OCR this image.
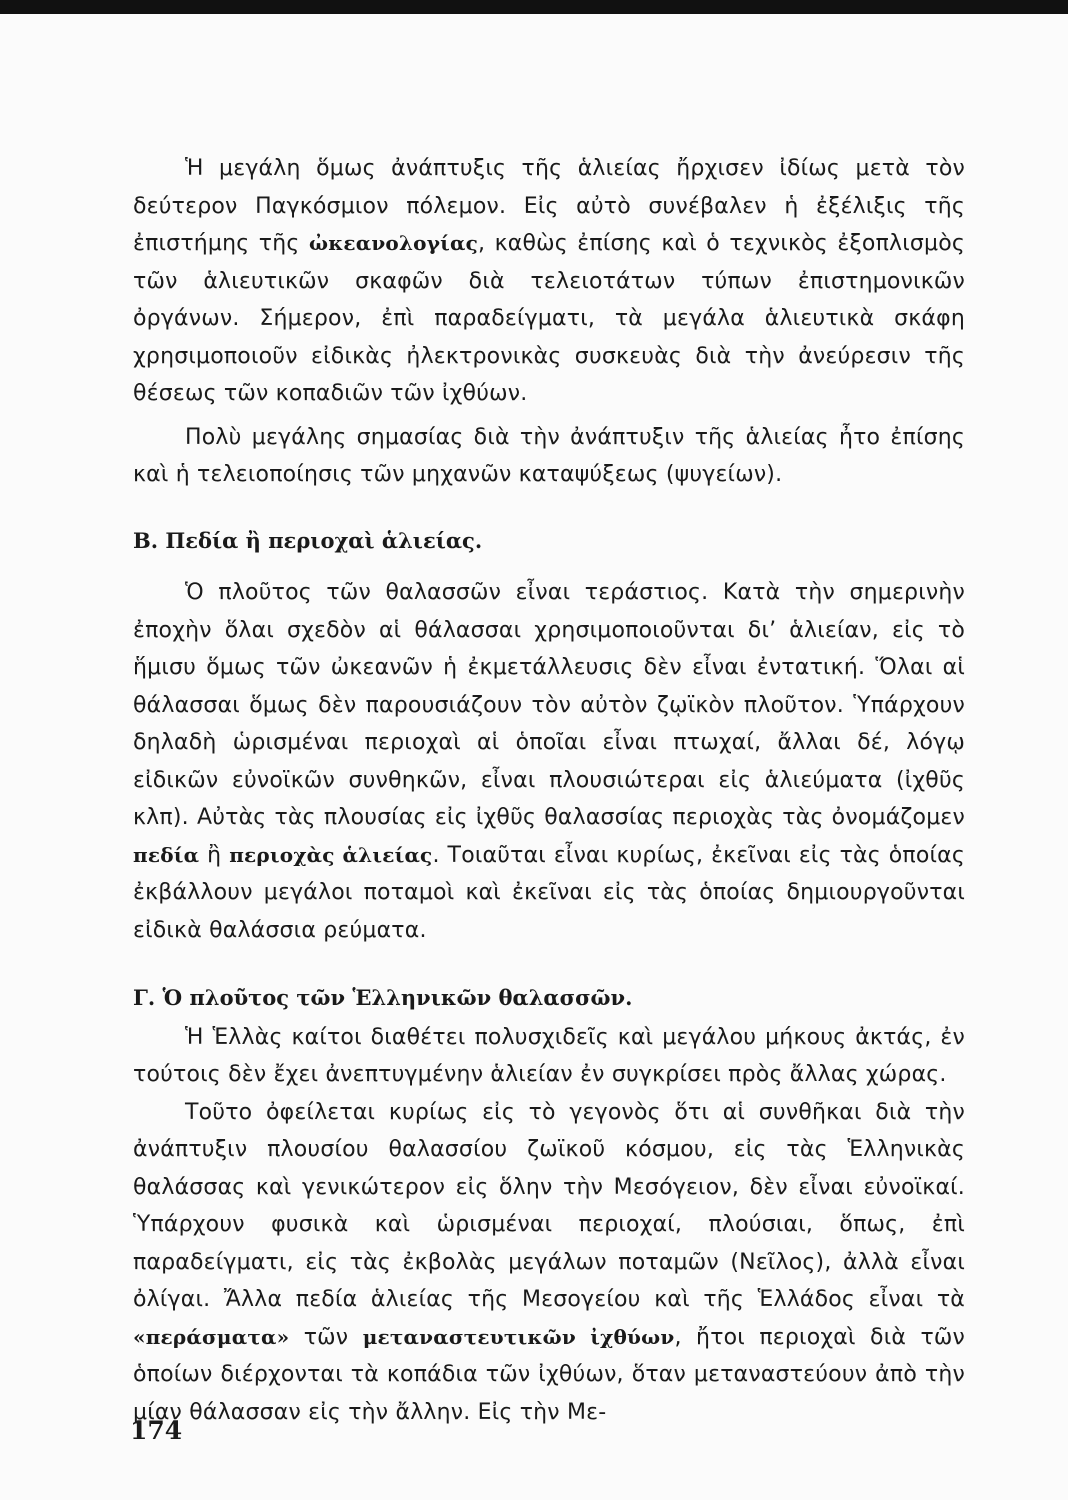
Ἡ μεγάλη ὅμως ἀνάπτυξις τῆς ἁλιείας ἤρχισεν ἰδίως μετὰ τὸν δεύτερον Παγκόσμιον πόλεμον. Εἰς αὐτὸ συνέβαλεν ἡ ἐξέλιξις τῆς ἐπιστήμης τῆς ὠκεανολογίας, καθὼς ἐπίσης καὶ ὁ τεχνικὸς ἐξοπλισμὸς τῶν ἁλιευτικῶν σκαφῶν διὰ τελειοτάτων τύπων ἐπιστημονικῶν ὀργάνων. Σήμερον, ἐπὶ παραδείγματι, τὰ μεγάλα ἁλιευτικὰ σκάφη χρησιμοποιοῦν εἰδικὰς ἠλεκτρονικὰς συσκευὰς διὰ τὴν ἀνεύρεσιν τῆς θέσεως τῶν κοπαδιῶν τῶν ἰχθύων.

Πολὺ μεγάλης σημασίας διὰ τὴν ἀνάπτυξιν τῆς ἁλιείας ἦτο ἐπίσης καὶ ἡ τελειοποίησις τῶν μηχανῶν καταψύξεως (ψυγείων).

Β. Πεδία ἢ περιοχαὶ ἁλιείας.

Ὁ πλοῦτος τῶν θαλασσῶν εἶναι τεράστιος. Κατὰ τὴν σημερινὴν ἐποχὴν ὅλαι σχεδὸν αἱ θάλασσαι χρησιμοποιοῦνται δι’ ἁλιείαν, εἰς τὸ ἥμισυ ὅμως τῶν ὠκεανῶν ἡ ἐκμετάλλευσις δὲν εἶναι ἐντατική. Ὅλαι αἱ θάλασσαι ὅμως δὲν παρουσιάζουν τὸν αὐτὸν ζῳϊκὸν πλοῦτον. Ὑπάρχουν δηλαδὴ ὡρισμέναι περιοχαὶ αἱ ὁποῖαι εἶναι πτωχαί, ἄλλαι δέ, λόγῳ εἰδικῶν εὐνοϊκῶν συνθηκῶν, εἶναι πλουσιώτεραι εἰς ἁλιεύματα (ἰχθῦς κλπ). Αὐτὰς τὰς πλουσίας εἰς ἰχθῦς θαλασσίας περιοχὰς τὰς ὀνομάζομεν πεδία ἢ περιοχὰς ἁλιείας. Τοιαῦται εἶναι κυρίως, ἐκεῖναι εἰς τὰς ὁποίας ἐκβάλλουν μεγάλοι ποταμοὶ καὶ ἐκεῖναι εἰς τὰς ὁποίας δημιουργοῦνται εἰδικὰ θαλάσσια ρεύματα.

Γ. Ὁ πλοῦτος τῶν Ἑλληνικῶν θαλασσῶν.

Ἡ Ἑλλὰς καίτοι διαθέτει πολυσχιδεῖς καὶ μεγάλου μήκους ἀκτάς, ἐν τούτοις δὲν ἔχει ἀνεπτυγμένην ἁλιείαν ἐν συγκρίσει πρὸς ἄλλας χώρας.

Τοῦτο ὀφείλεται κυρίως εἰς τὸ γεγονὸς ὅτι αἱ συνθῆκαι διὰ τὴν ἀνάπτυξιν πλουσίου θαλασσίου ζωϊκοῦ κόσμου, εἰς τὰς Ἑλληνικὰς θαλάσσας καὶ γενικώτερον εἰς ὅλην τὴν Μεσόγειον, δὲν εἶναι εὐνοϊκαί. Ὑπάρχουν φυσικὰ καὶ ὡρισμέναι περιοχαί, πλούσιαι, ὅπως, ἐπὶ παραδείγματι, εἰς τὰς ἐκβολὰς μεγάλων ποταμῶν (Νεῖλος), ἀλλὰ εἶναι ὀλίγαι. Ἄλλα πεδία ἁλιείας τῆς Μεσογείου καὶ τῆς Ἑλλάδος εἶναι τὰ «περάσματα» τῶν μεταναστευτικῶν ἰχθύων, ἤτοι περιοχαὶ διὰ τῶν ὁποίων διέρχονται τὰ κοπάδια τῶν ἰχθύων, ὅταν μεταναστεύουν ἀπὸ τὴν μίαν θάλασσαν εἰς τὴν ἄλλην. Εἰς τὴν Με-

174
